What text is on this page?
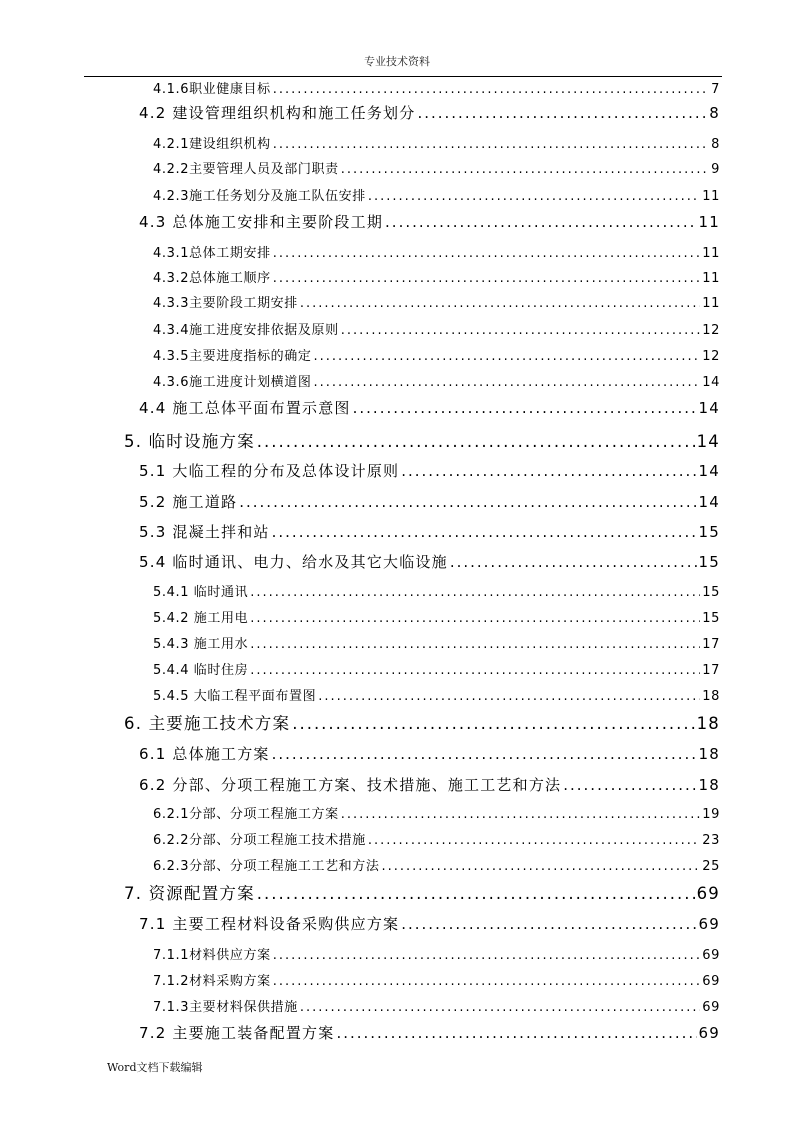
专业技术资料
4.1.6职业健康目标 .....	7
4.2 建设管理组织机构和施工任务划分 .....	8
4.2.1建设组织机构 .....	8
4.2.2主要管理人员及部门职责 .....	9
4.2.3施工任务划分及施工队伍安排 .....	11
4.3 总体施工安排和主要阶段工期 .....	11
4.3.1总体工期安排 .....	11
4.3.2总体施工顺序 .....	11
4.3.3主要阶段工期安排 .....	11
4.3.4施工进度安排依据及原则 .....	12
4.3.5主要进度指标的确定 .....	12
4.3.6施工进度计划横道图 .....	14
4.4 施工总体平面布置示意图 .....	14
5. 临时设施方案 .....	14
5.1 大临工程的分布及总体设计原则 .....	14
5.2 施工道路 .....	14
5.3 混凝土拌和站 .....	15
5.4 临时通讯、电力、给水及其它大临设施 .....	15
5.4.1 临时通讯 .....	15
5.4.2 施工用电 .....	15
5.4.3 施工用水 .....	17
5.4.4 临时住房 .....	17
5.4.5 大临工程平面布置图 .....	18
6. 主要施工技术方案 .....	18
6.1 总体施工方案 .....	18
6.2 分部、分项工程施工方案、技术措施、施工工艺和方法 .....	18
6.2.1分部、分项工程施工方案 .....	19
6.2.2分部、分项工程施工技术措施 .....	23
6.2.3分部、分项工程施工工艺和方法 .....	25
7. 资源配置方案 .....	69
7.1 主要工程材料设备采购供应方案 .....	69
7.1.1材料供应方案 .....	69
7.1.2材料采购方案 .....	69
7.1.3主要材料保供措施 .....	69
7.2 主要施工装备配置方案 .....	69
Word文档下载编辑
